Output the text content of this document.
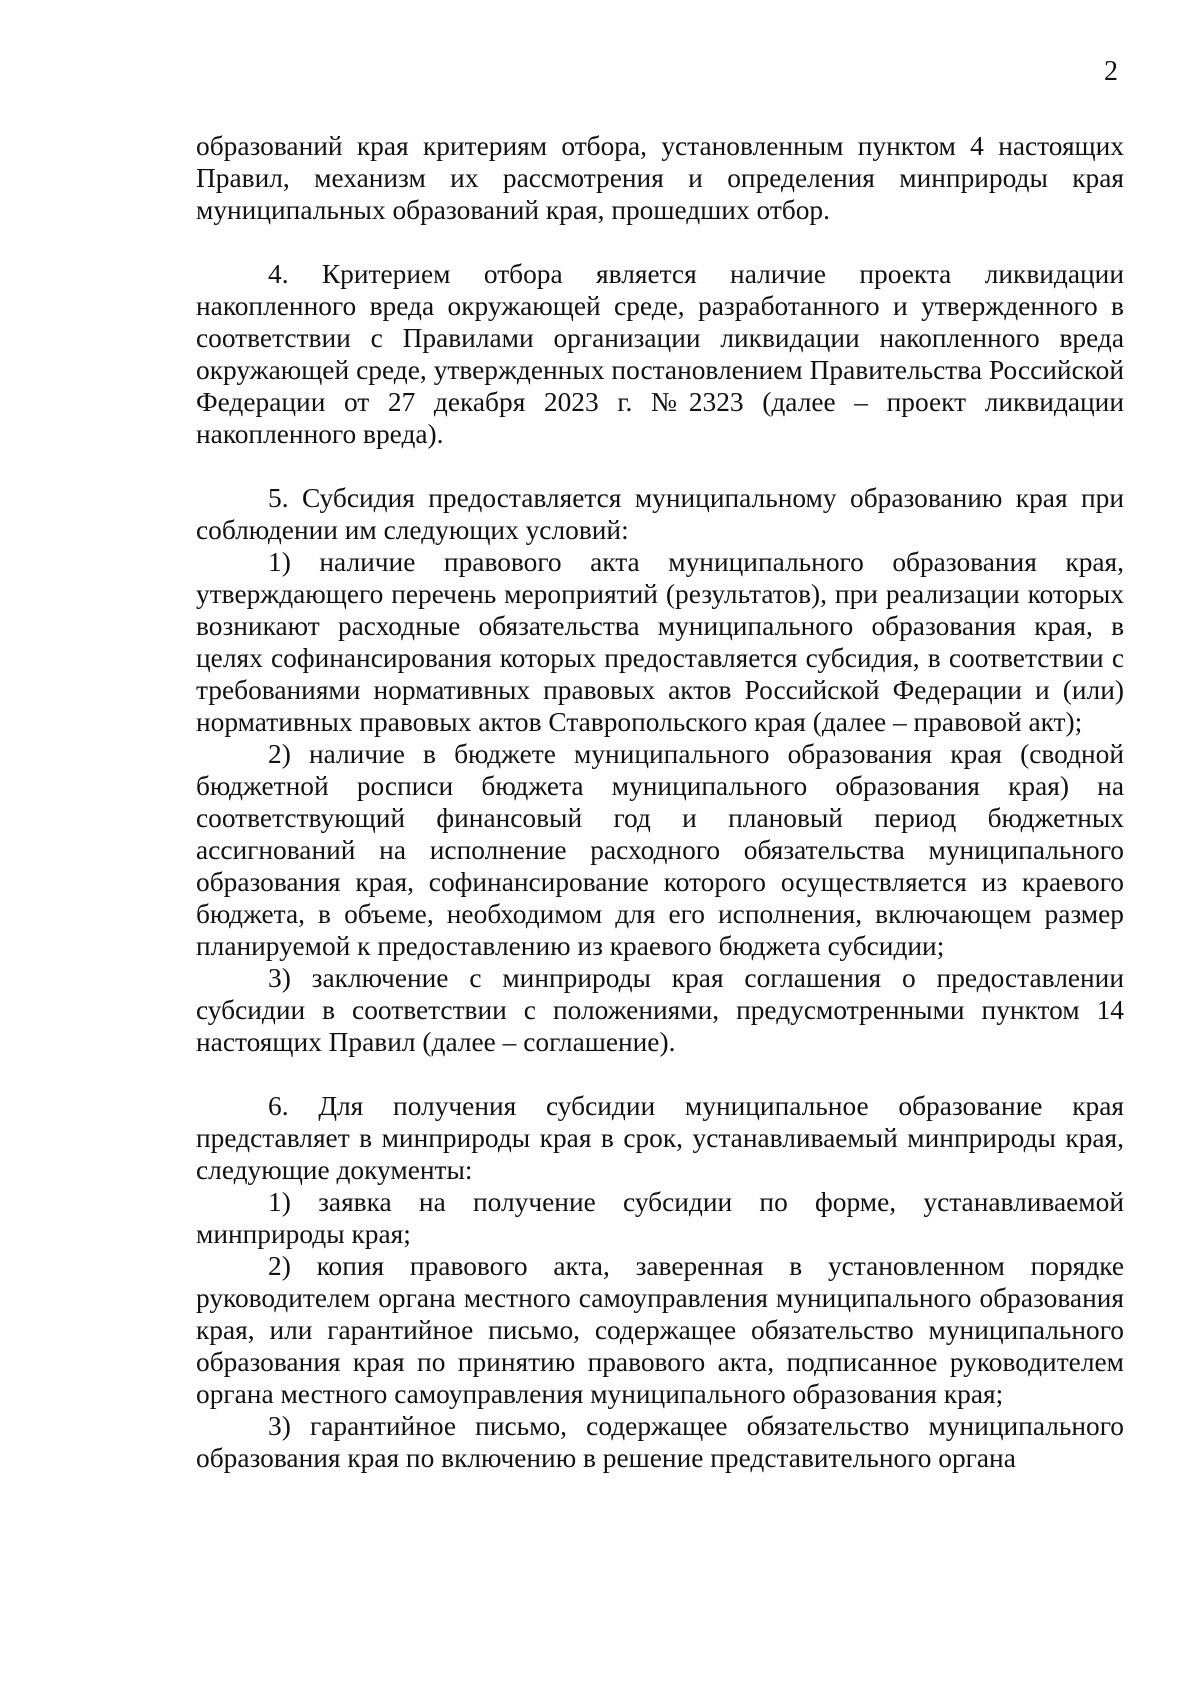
2

образований края критериям отбора, установленным пунктом 4 настоящих Правил, механизм их рассмотрения и определения минприроды края муниципальных образований края, прошедших отбор.

4. Критерием отбора является наличие проекта ликвидации накопленного вреда окружающей среде, разработанного и утвержденного в соответствии с Правилами организации ликвидации накопленного вреда окружающей среде, утвержденных постановлением Правительства Российской Федерации от 27 декабря 2023 г. №2323 (далее – проект ликвидации накопленного вреда).

5. Субсидия предоставляется муниципальному образованию края при соблюдении им следующих условий:

1) наличие правового акта муниципального образования края, утверждающего перечень мероприятий (результатов), при реализации которых возникают расходные обязательства муниципального образования края, в целях софинансирования которых предоставляется субсидия, в соответствии с требованиями нормативных правовых актов Российской Федерации и (или) нормативных правовых актов Ставропольского края (далее – правовой акт);

2) наличие в бюджете муниципального образования края (сводной бюджетной росписи бюджета муниципального образования края) на соответствующий финансовый год и плановый период бюджетных ассигнований на исполнение расходного обязательства муниципального образования края, софинансирование которого осуществляется из краевого бюджета, в объеме, необходимом для его исполнения, включающем размер планируемой к предоставлению из краевого бюджета субсидии;

3) заключение с минприроды края соглашения о предоставлении субсидии в соответствии с положениями, предусмотренными пунктом 14 настоящих Правил (далее – соглашение).

6. Для получения субсидии муниципальное образование края представляет в минприроды края в срок, устанавливаемый минприроды края, следующие документы:

1) заявка на получение субсидии по форме, устанавливаемой минприроды края;

2) копия правового акта, заверенная в установленном порядке руководителем органа местного самоуправления муниципального образования края, или гарантийное письмо, содержащее обязательство муниципального образования края по принятию правового акта, подписанное руководителем органа местного самоуправления муниципального образования края;

3) гарантийное письмо, содержащее обязательство муниципального образования края по включению в решение представительного органа
